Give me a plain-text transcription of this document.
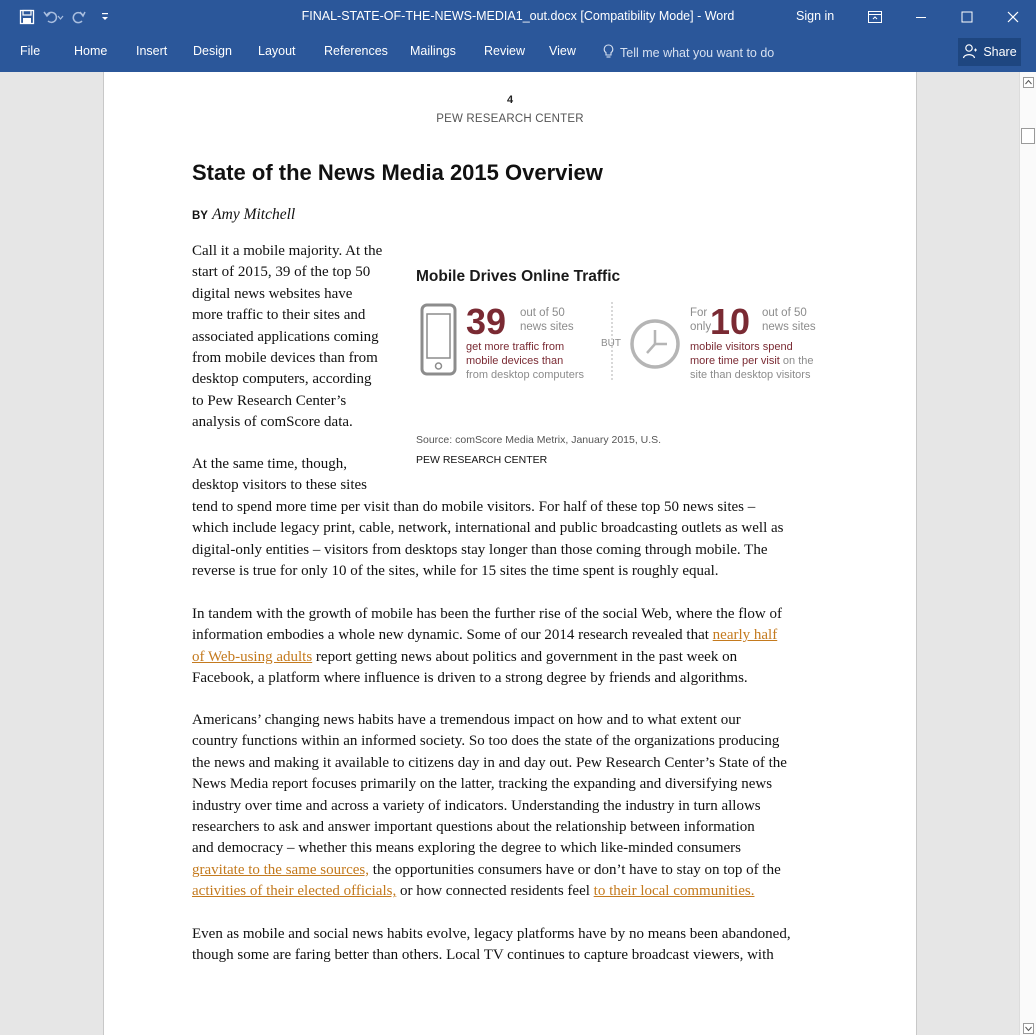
FINAL-STATE-OF-THE-NEWS-MEDIA1_out.docx [Compatibility Mode] - Word	Sign in
File	Home Insert Design Layout References Mailings Review View	Tell me what you want to do	Share
4
PEW RESEARCH CENTER
State of the News Media 2015 Overview
BY Amy Mitchell
Call it a mobile majority. At the
start of 2015, 39 of the top 50
digital news websites have
more traffic to their sites and
associated applications coming
from mobile devices than from
desktop computers, according
to Pew Research Center’s
analysis of comScore data.
Mobile Drives Online Traffic
39 out of 50
news sites
get more traffic from
mobile devices than
from desktop computers
BUT
For
only
10 out of 50
news sites
mobile visitors spend
more time per visit on the
site than desktop visitors
Source: comScore Media Metrix, January 2015, U.S.
PEW RESEARCH CENTER
At the same time, though,
desktop visitors to these sites
tend to spend more time per visit than do mobile visitors. For half of these top 50 news sites –
which include legacy print, cable, network, international and public broadcasting outlets as well as
digital-only entities – visitors from desktops stay longer than those coming through mobile. The
reverse is true for only 10 of the sites, while for 15 sites the time spent is roughly equal.
In tandem with the growth of mobile has been the further rise of the social Web, where the flow of
information embodies a whole new dynamic. Some of our 2014 research revealed that nearly half
of Web-using adults report getting news about politics and government in the past week on
Facebook, a platform where influence is driven to a strong degree by friends and algorithms.
Americans’ changing news habits have a tremendous impact on how and to what extent our
country functions within an informed society. So too does the state of the organizations producing
the news and making it available to citizens day in and day out. Pew Research Center’s State of the
News Media report focuses primarily on the latter, tracking the expanding and diversifying news
industry over time and across a variety of indicators. Understanding the industry in turn allows
researchers to ask and answer important questions about the relationship between information
and democracy – whether this means exploring the degree to which like-minded consumers
gravitate to the same sources, the opportunities consumers have or don’t have to stay on top of the
activities of their elected officials, or how connected residents feel to their local communities.
Even as mobile and social news habits evolve, legacy platforms have by no means been abandoned,
though some are faring better than others. Local TV continues to capture broadcast viewers, with
